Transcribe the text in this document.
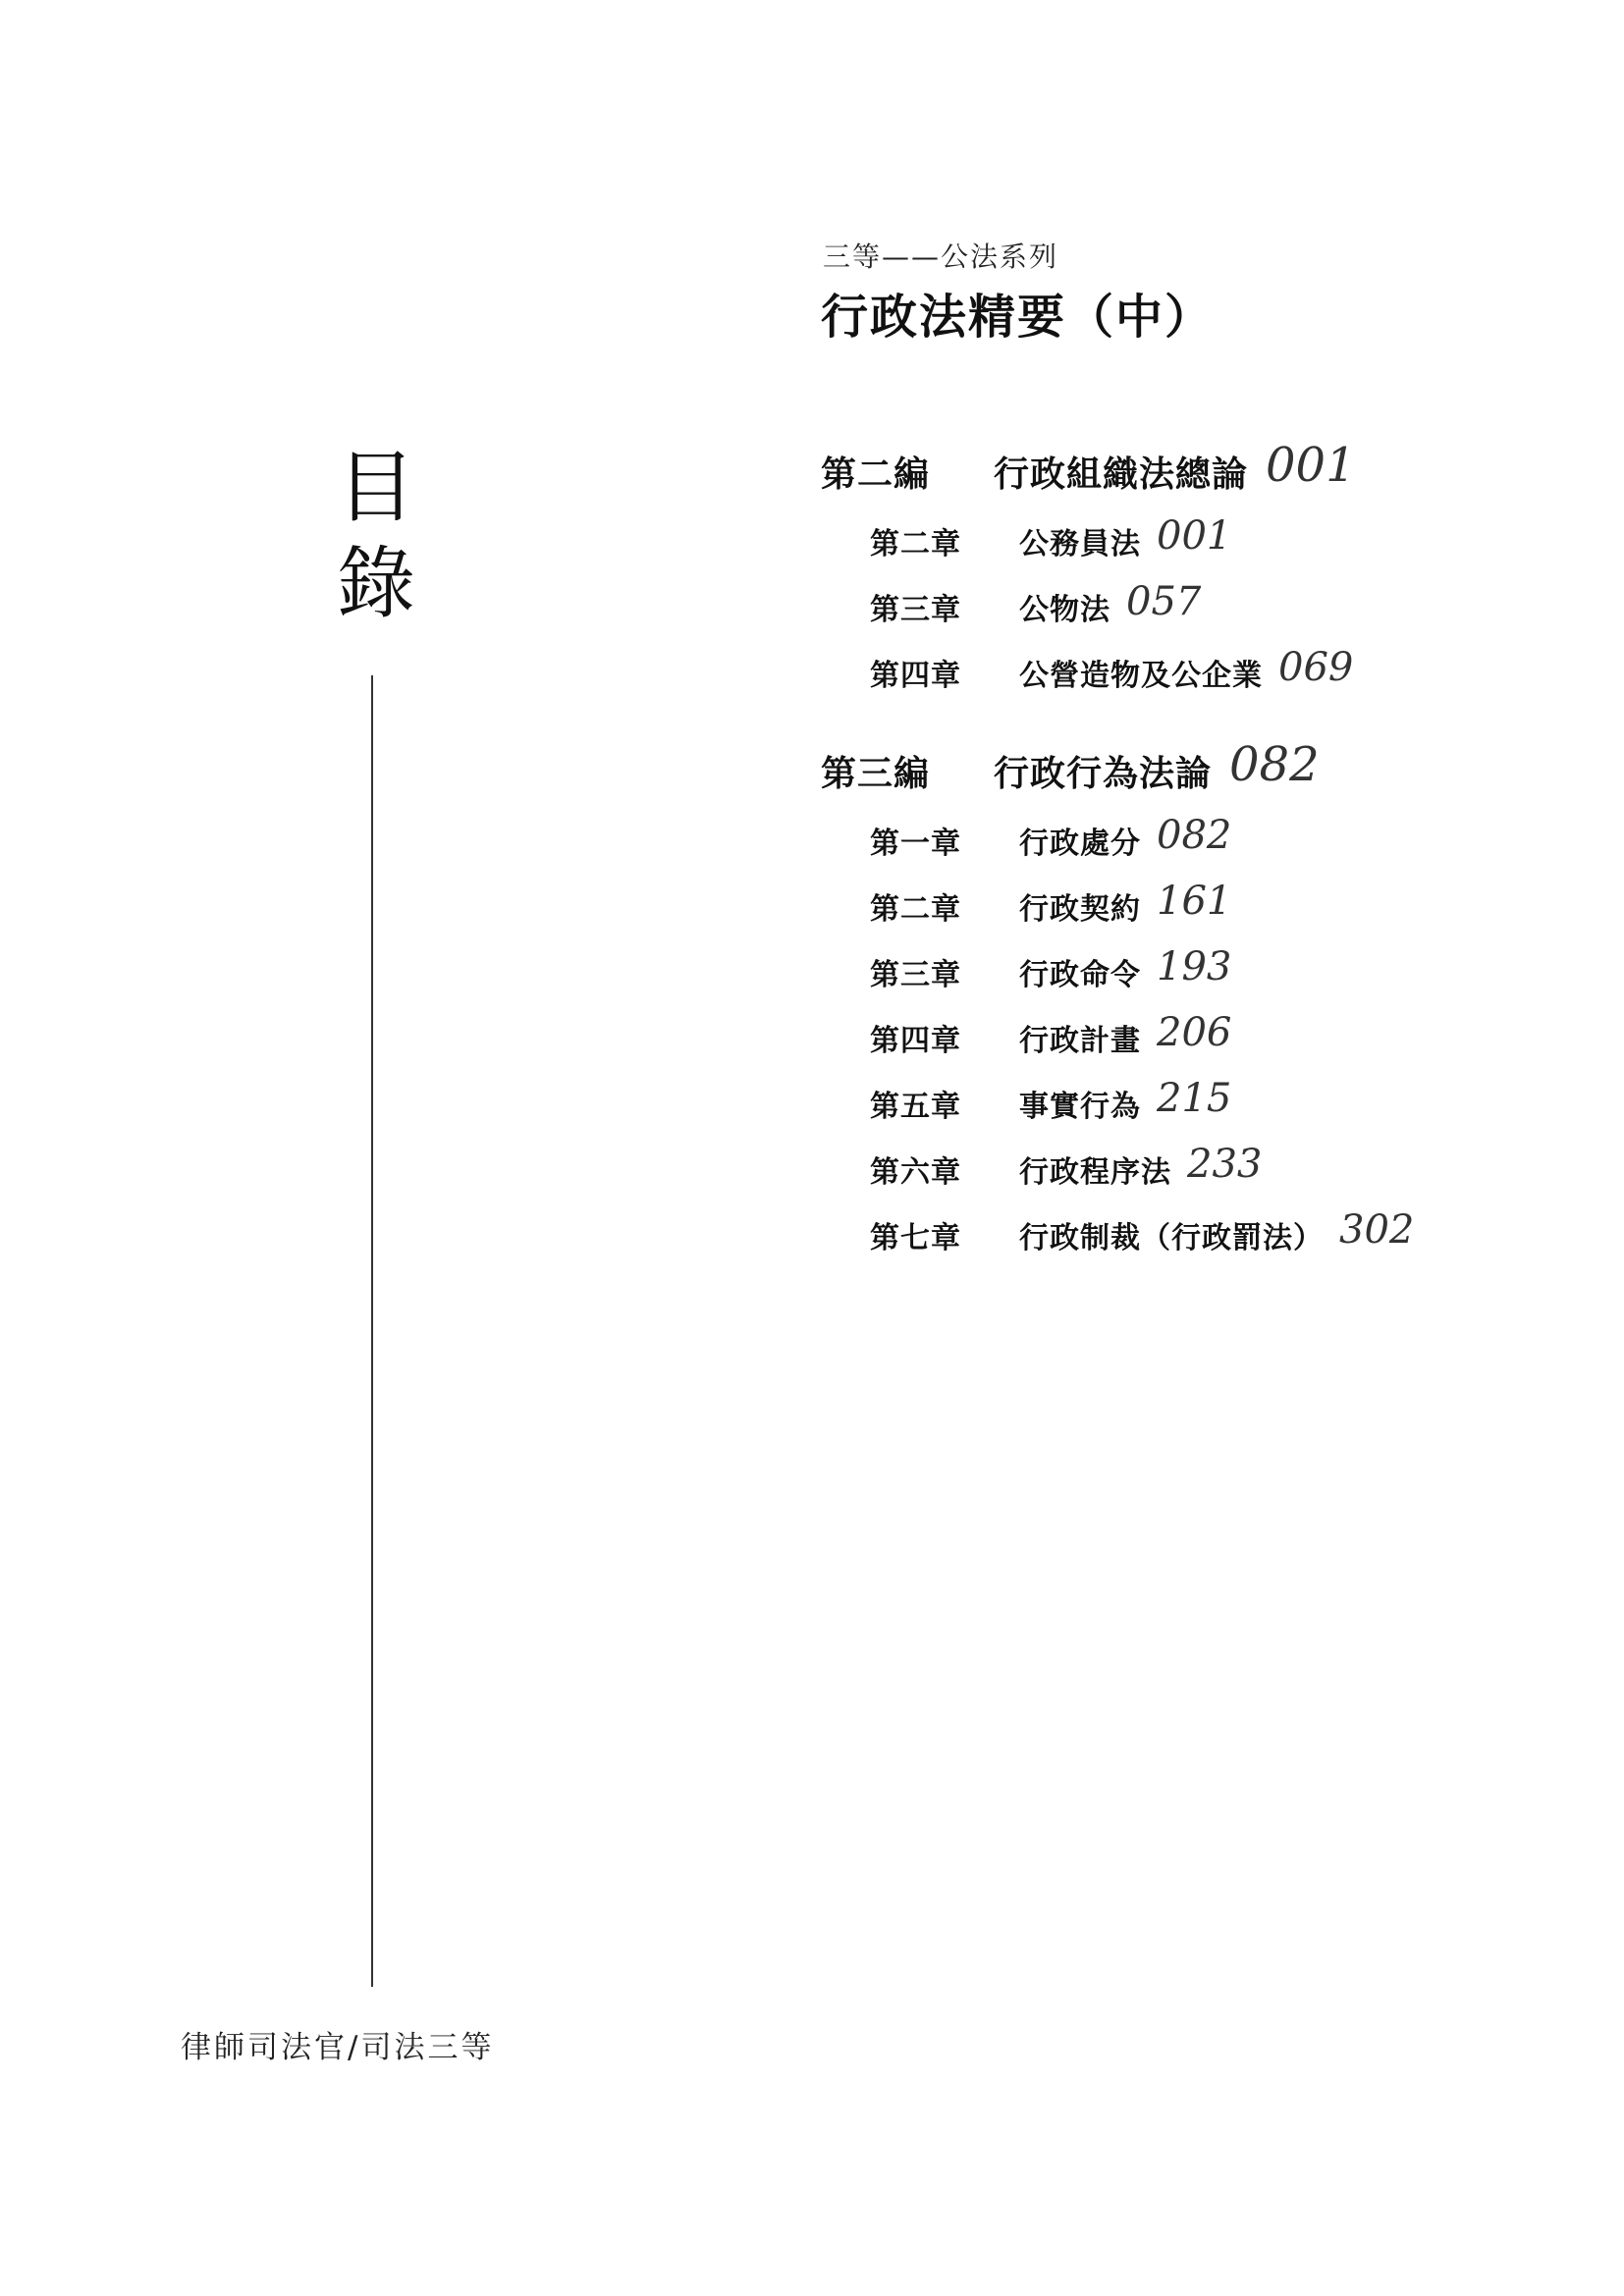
目
錄
三等——公法系列
行政法精要（中）
第二編	行政組織法總論 001
第二章	公務員法 001
第三章	公物法 057
第四章	公營造物及公企業 069
第三編	行政行為法論 082
第一章	行政處分 082
第二章	行政契約 161
第三章	行政命令 193
第四章	行政計畫 206
第五章	事實行為 215
第六章	行政程序法 233
第七章	行政制裁（行政罰法） 302
律師司法官/司法三等
